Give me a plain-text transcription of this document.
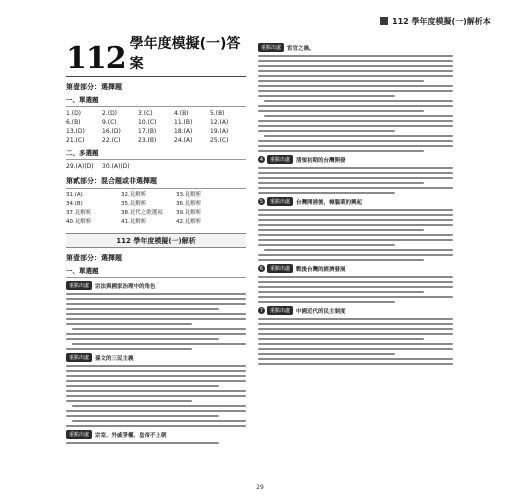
112 學年度模擬(一)解析本
112 學年度模擬(一)答案
第壹部分：選擇題
一、單選題
1.(D)	2.(D)	3.(C)	4.(B)	5.(B)
6.(B)	9.(C)	10.(C)	11.(B)	12.(A)
13.(D)	16.(D)	17.(B)	18.(A)	19.(A)
21.(C)	22.(C)	23.(B)	24.(A)	25.(C)
二、多選題
29.(A)(D)	30.(A)(D)
第貳部分：混合題或非選擇題
31.(A)	32.見解析	33.見解析
34.(B)	35.見解析	36.見解析
37.見解析	38.見代之歌選項	39.見解析
40.見解析	41.見解析	42.見解析
112 學年度模擬(一)解析
第壹部分：選擇題
一、單選題
重點出處	宗法與國家治理中的角色
重點出處	孫文的三民主義
重點出處	宗室、外戚爭權、皇帝不上朝
重點出處	宦官之禍。
4	重點出處	清領初期的台灣開發
5	重點出處	台灣開港後，樟腦業的興起
6	重點出處	戰後台灣的經濟發展
7	重點出處	中國近代的民主制度
29
